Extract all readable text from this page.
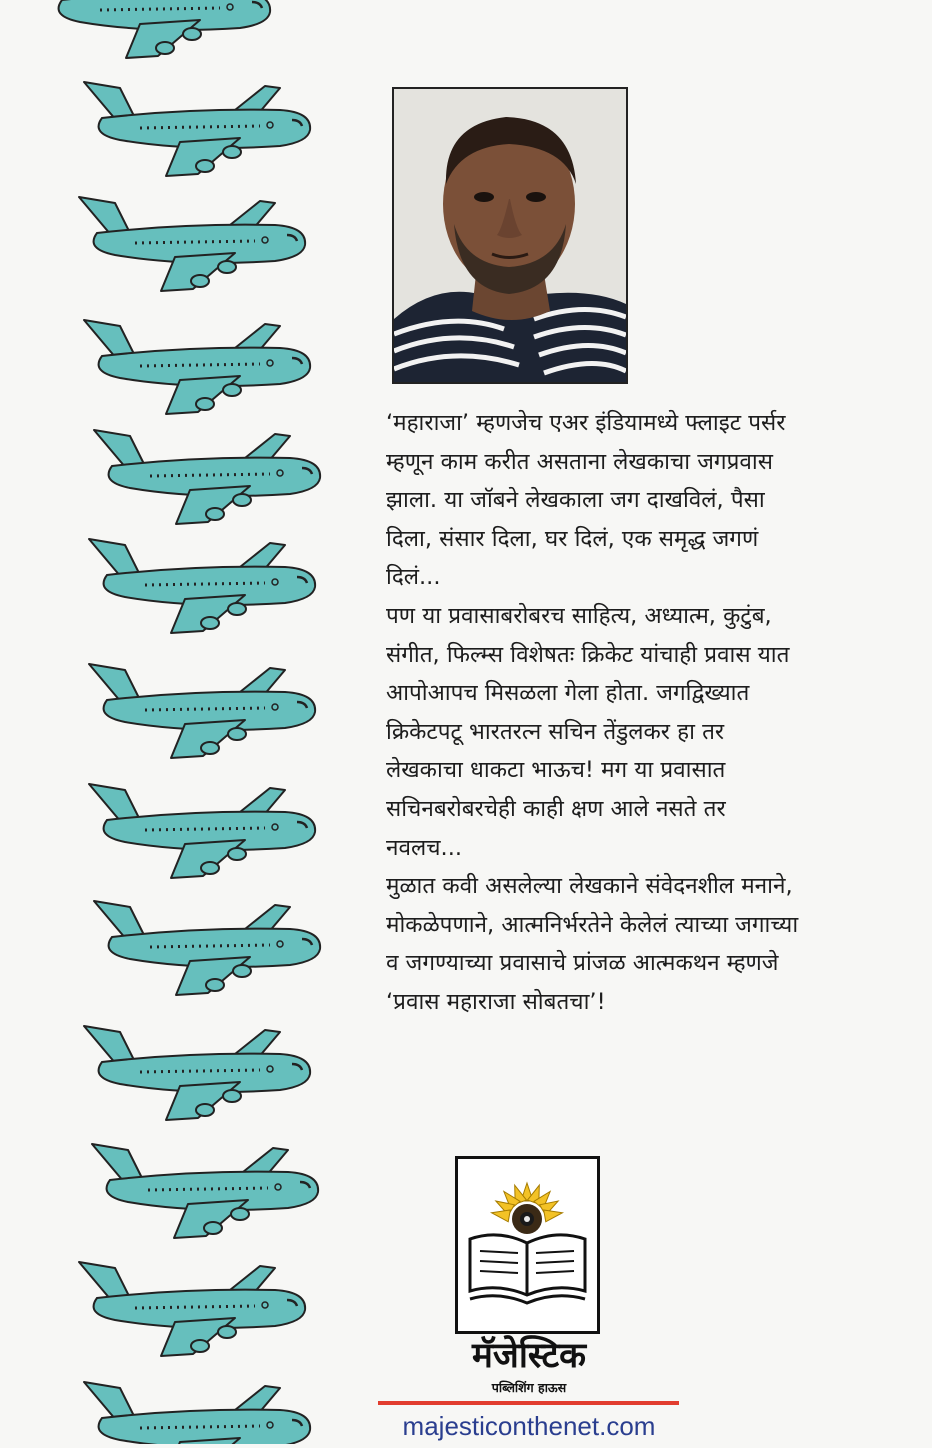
‘महाराजा’ म्हणजेच एअर इंडियामध्ये फ्लाइट पर्सर
म्हणून काम करीत असताना लेखकाचा जगप्रवास
झाला. या जॉबने लेखकाला जग दाखविलं, पैसा
दिला, संसार दिला, घर दिलं, एक समृद्ध जगणं
दिलं...

पण या प्रवासाबरोबरच साहित्य, अध्यात्म, कुटुंब,
संगीत, फिल्म्स विशेषतः क्रिकेट यांचाही प्रवास यात
आपोआपच मिसळला गेला होता. जगद्विख्यात
क्रिकेटपटू भारतरत्न सचिन तेंडुलकर हा तर
लेखकाचा धाकटा भाऊच! मग या प्रवासात
सचिनबरोबरचेही काही क्षण आले नसते तर
नवलच...

मुळात कवी असलेल्या लेखकाने संवेदनशील मनाने,
मोकळेपणाने, आत्मनिर्भरतेने केलेलं त्याच्या जगाच्या
व जगण्याच्या प्रवासाचे प्रांजळ आत्मकथन म्हणजे
‘प्रवास महाराजा सोबतचा’!

मॅजेस्टिक
पब्लिशिंग हाऊस
majesticonthenet.com
